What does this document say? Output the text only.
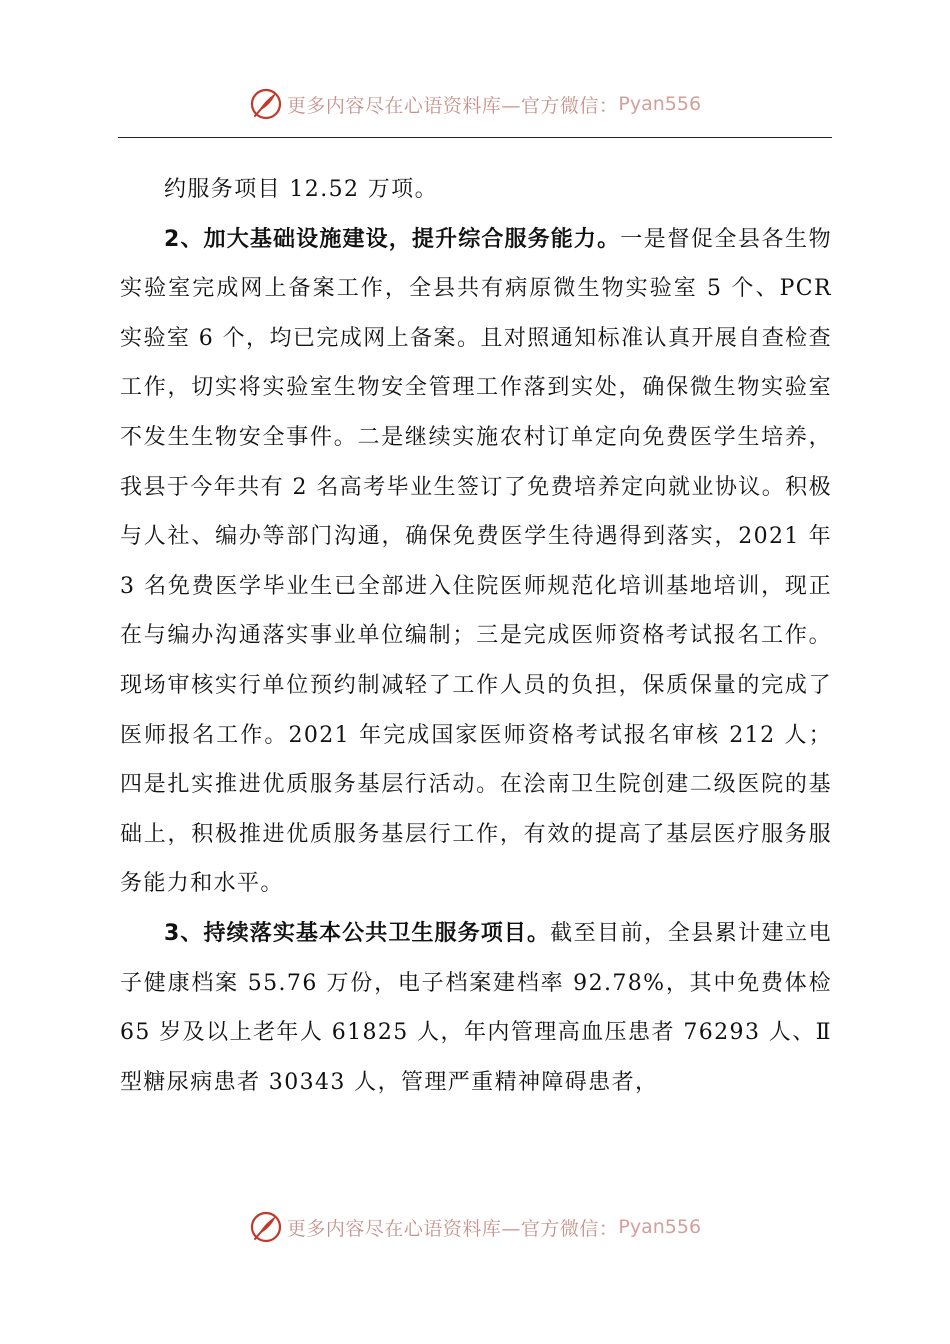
更多内容尽在心语资料库—官方微信： Pyan556

约服务项目 12.52 万项。

2、加大基础设施建设，提升综合服务能力。一是督促全县各生物实验室完成网上备案工作，全县共有病原微生物实验室 5 个、PCR 实验室 6 个，均已完成网上备案。且对照通知标准认真开展自查检查工作，切实将实验室生物安全管理工作落到实处，确保微生物实验室不发生生物安全事件。二是继续实施农村订单定向免费医学生培养，我县于今年共有 2 名高考毕业生签订了免费培养定向就业协议。积极与人社、编办等部门沟通，确保免费医学生待遇得到落实，2021 年 3 名免费医学毕业生已全部进入住院医师规范化培训基地培训，现正在与编办沟通落实事业单位编制；三是完成医师资格考试报名工作。现场审核实行单位预约制减轻了工作人员的负担，保质保量的完成了医师报名工作。2021 年完成国家医师资格考试报名审核 212 人；四是扎实推进优质服务基层行活动。在浍南卫生院创建二级医院的基础上，积极推进优质服务基层行工作，有效的提高了基层医疗服务服务能力和水平。

3、持续落实基本公共卫生服务项目。截至目前，全县累计建立电子健康档案 55.76 万份，电子档案建档率 92.78%，其中免费体检 65 岁及以上老年人 61825 人，年内管理高血压患者 76293 人、Ⅱ型糖尿病患者 30343 人，管理严重精神障碍患者，

更多内容尽在心语资料库—官方微信： Pyan556
